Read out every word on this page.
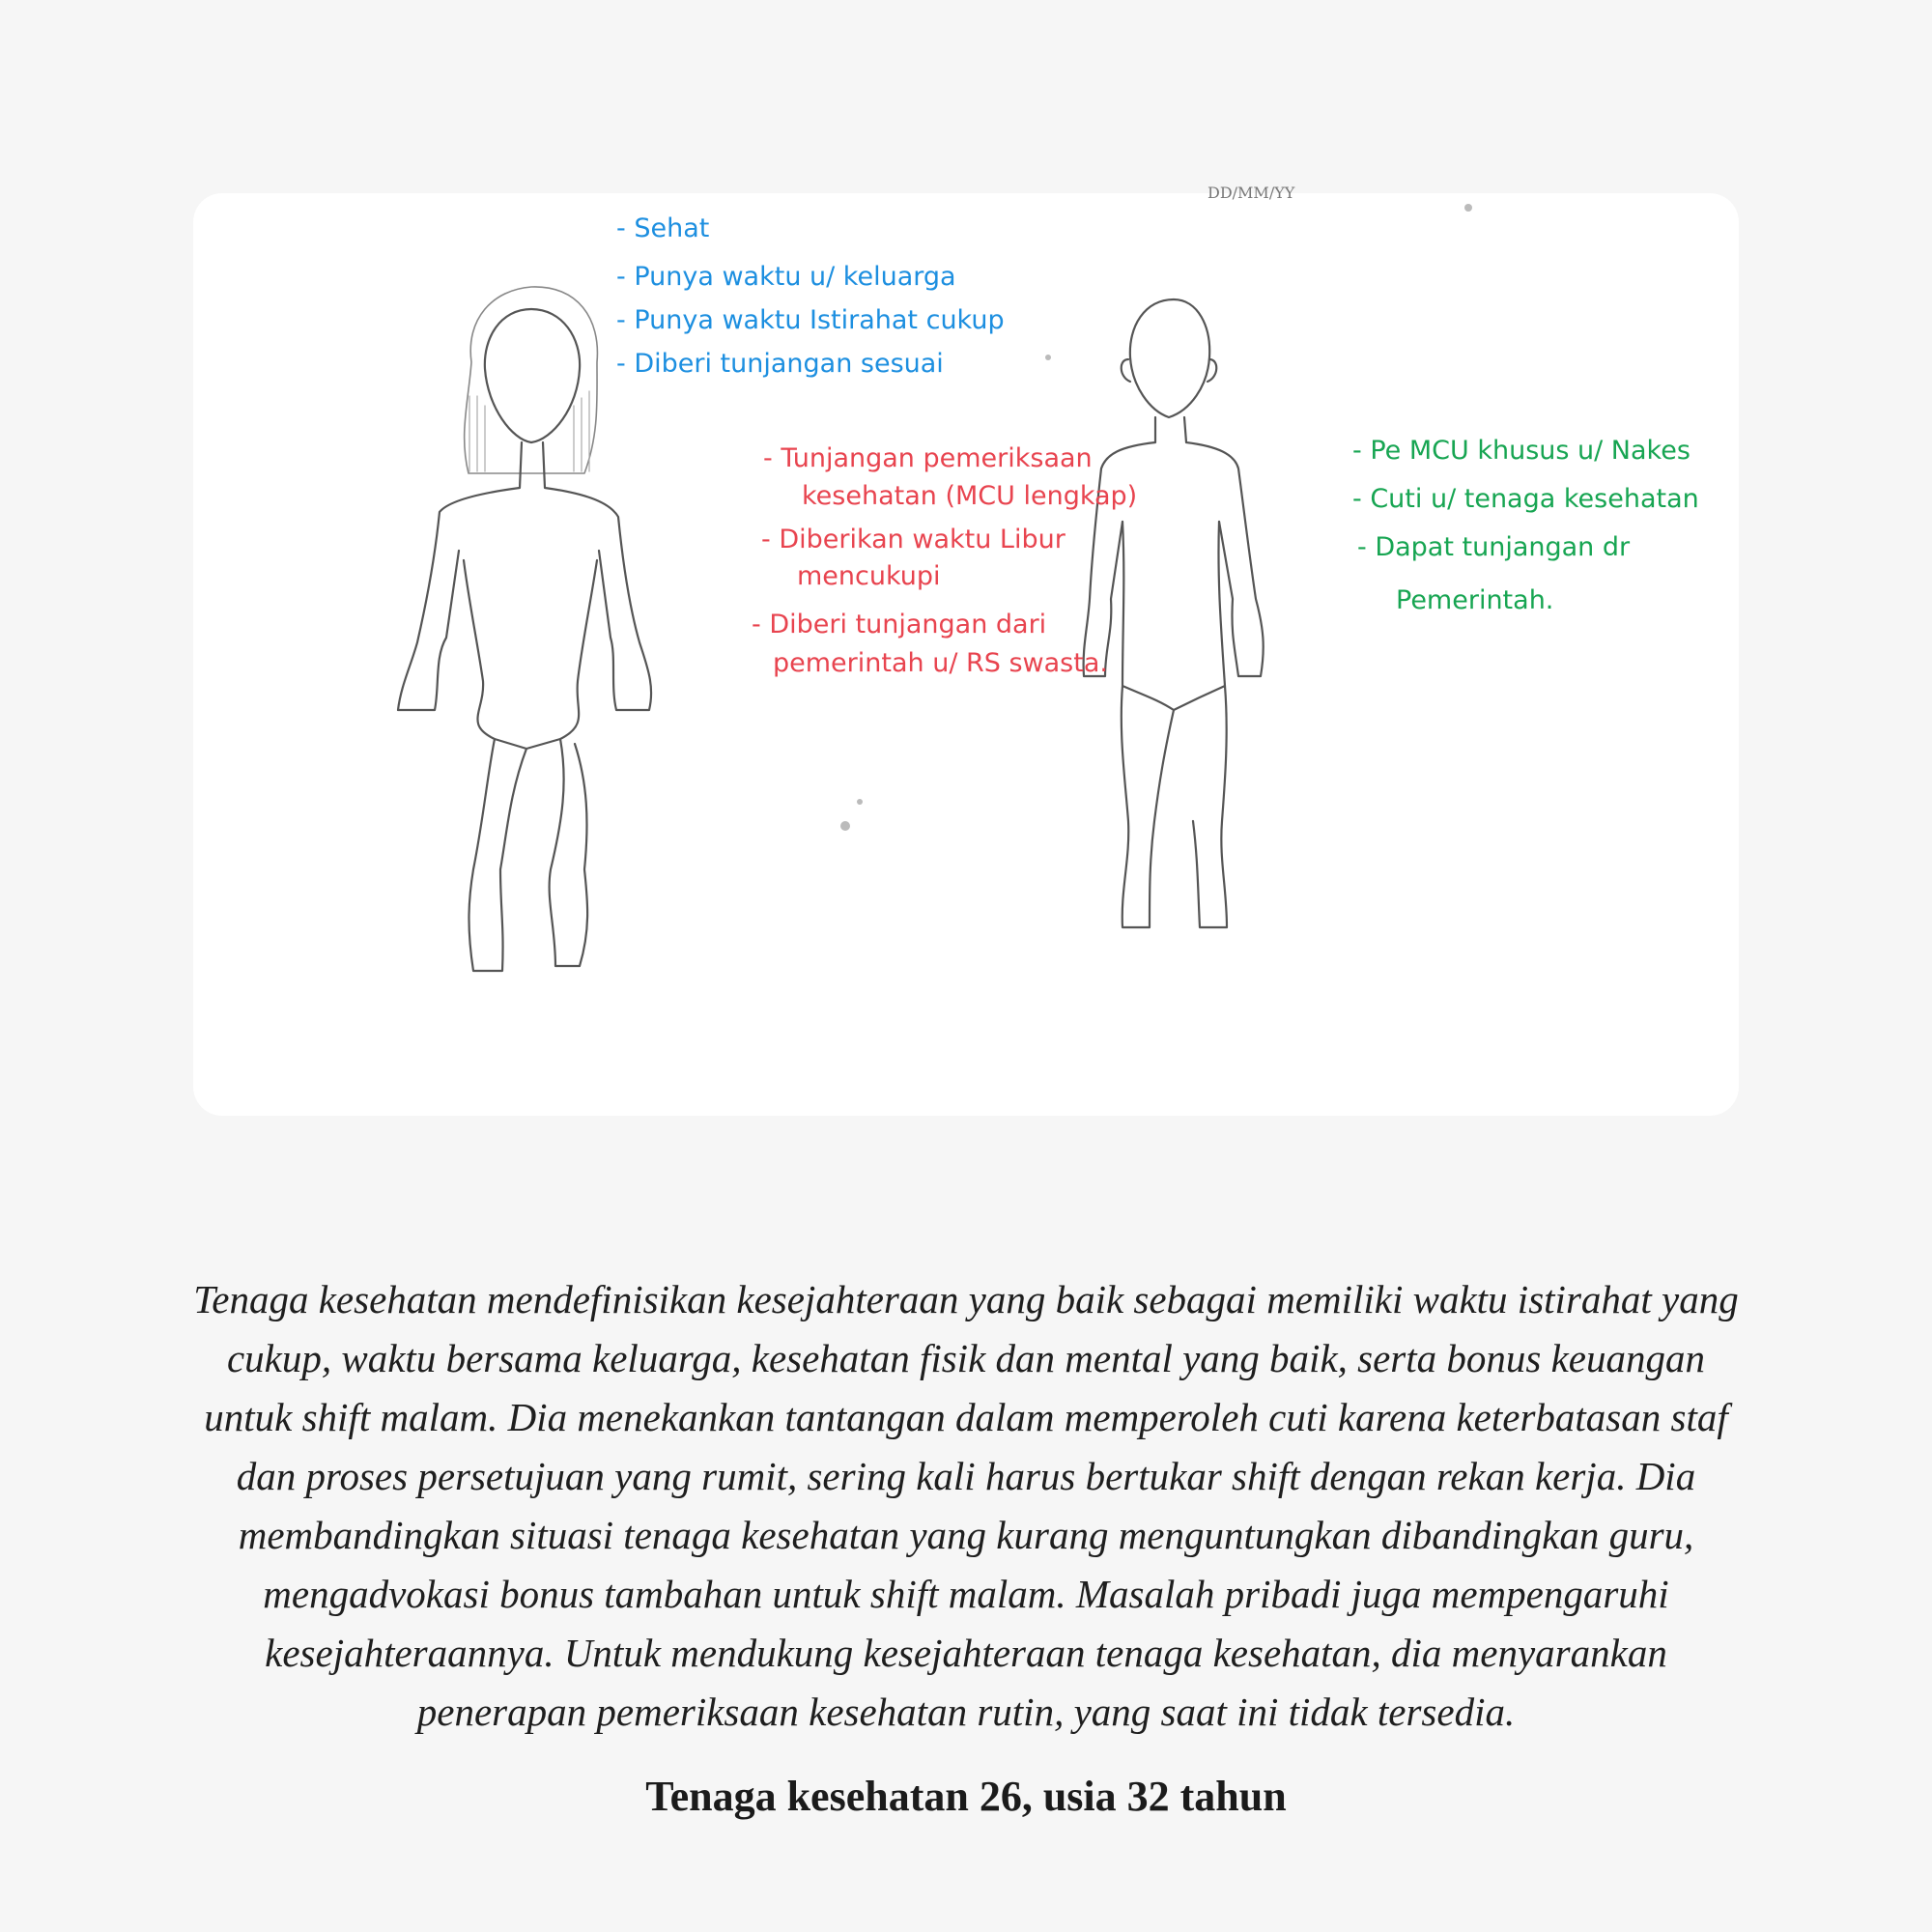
DD/MM/YY
- Sehat
- Punya waktu u/ keluarga
- Punya waktu Istirahat cukup
- Diberi tunjangan sesuai
- Tunjangan pemeriksaan
kesehatan (MCU lengkap)
- Diberikan waktu Libur
mencukupi
- Diberi tunjangan dari
pemerintah u/ RS swasta.
- Pe MCU khusus u/ Nakes
- Cuti u/ tenaga kesehatan
- Dapat tunjangan dr
Pemerintah.

Tenaga kesehatan mendefinisikan kesejahteraan yang baik sebagai memiliki waktu istirahat yang cukup, waktu bersama keluarga, kesehatan fisik dan mental yang baik, serta bonus keuangan untuk shift malam. Dia menekankan tantangan dalam memperoleh cuti karena keterbatasan staf dan proses persetujuan yang rumit, sering kali harus bertukar shift dengan rekan kerja. Dia membandingkan situasi tenaga kesehatan yang kurang menguntungkan dibandingkan guru, mengadvokasi bonus tambahan untuk shift malam. Masalah pribadi juga mempengaruhi kesejahteraannya. Untuk mendukung kesejahteraan tenaga kesehatan, dia menyarankan penerapan pemeriksaan kesehatan rutin, yang saat ini tidak tersedia.

Tenaga kesehatan 26, usia 32 tahun
